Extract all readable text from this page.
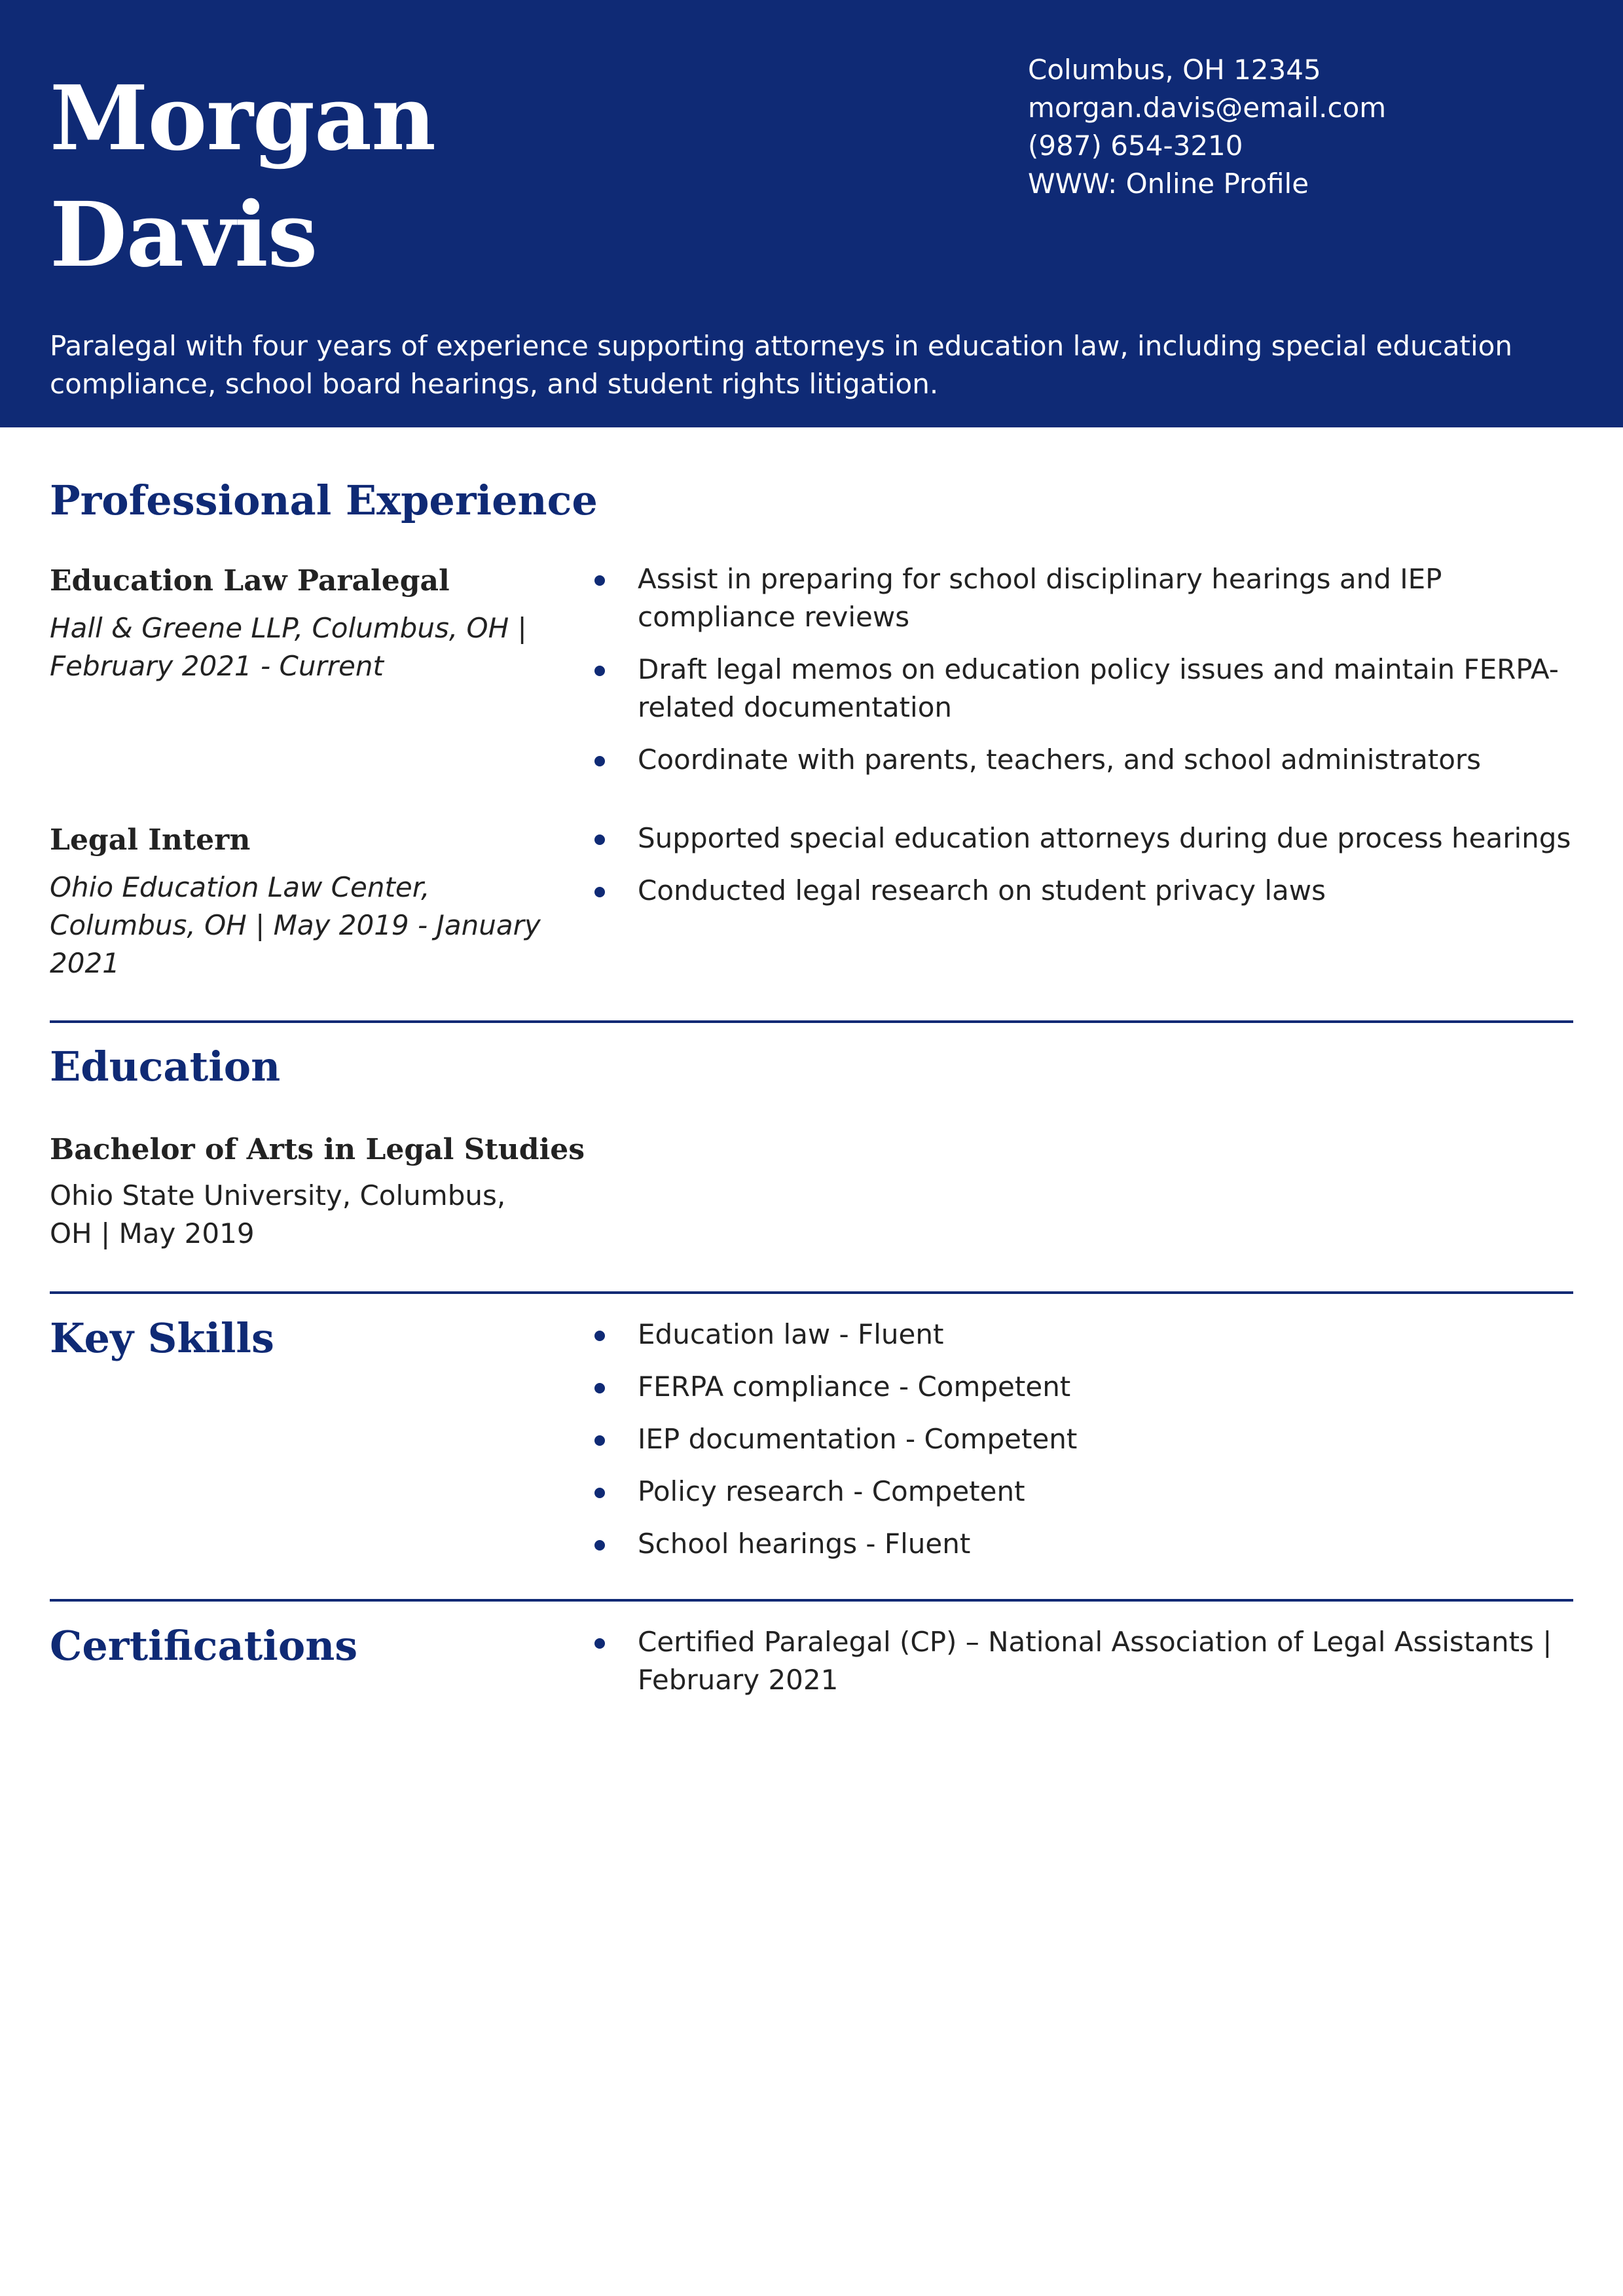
Morgan
Davis
Columbus, OH 12345
morgan.davis@email.com
(987) 654-3210
WWW: Online Profile
Paralegal with four years of experience supporting attorneys in education law, including special education compliance, school board hearings, and student rights litigation.
Professional Experience
Education Law Paralegal
Hall & Greene LLP, Columbus, OH | February 2021 - Current
Assist in preparing for school disciplinary hearings and IEP compliance reviews
Draft legal memos on education policy issues and maintain FERPA-related documentation
Coordinate with parents, teachers, and school administrators
Legal Intern
Ohio Education Law Center, Columbus, OH | May 2019 - January 2021
Supported special education attorneys during due process hearings
Conducted legal research on student privacy laws
Education
Bachelor of Arts in Legal Studies
Ohio State University, Columbus, OH | May 2019
Key Skills	Education law - Fluent
FERPA compliance - Competent
IEP documentation - Competent
Policy research - Competent
School hearings - Fluent
Certifications	Certified Paralegal (CP) – National Association of Legal Assistants | February 2021
